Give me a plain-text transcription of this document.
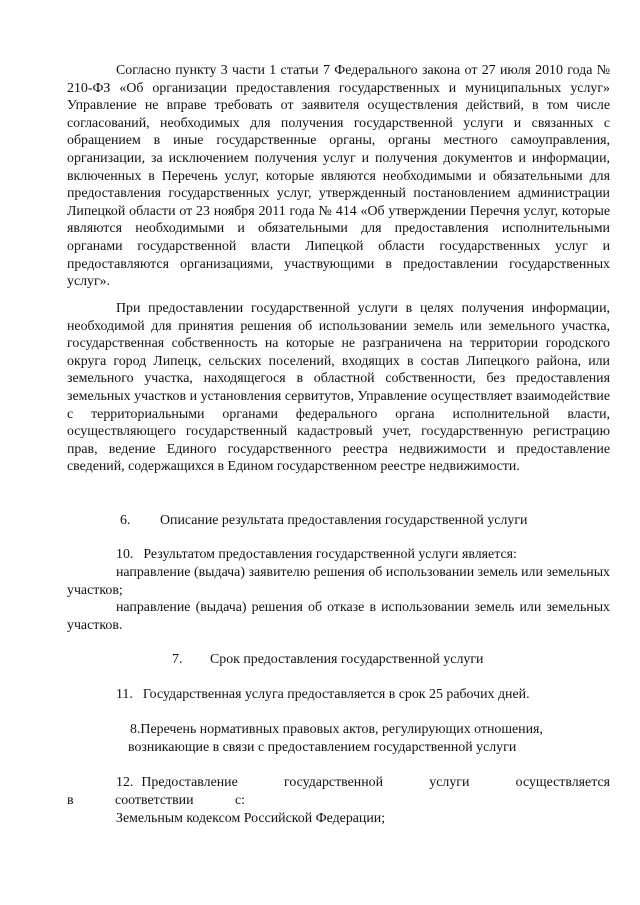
Согласно пункту 3 части 1 статьи 7 Федерального закона от 27 июля 2010 года № 210-ФЗ «Об организации предоставления государственных и муниципальных услуг» Управление не вправе требовать от заявителя осуществления действий, в том числе согласований, необходимых для получения государственной услуги и связанных с обращением в иные государственные органы, органы местного самоуправления, организации, за исключением получения услуг и получения документов и информации, включенных в Перечень услуг, которые являются необходимыми и обязательными для предоставления государственных услуг, утвержденный постановлением администрации Липецкой области от 23 ноября 2011 года № 414 «Об утверждении Перечня услуг, которые являются необходимыми и обязательными для предоставления исполнительными органами государственной власти Липецкой области государственных услуг и предоставляются организациями, участвующими в предоставлении государственных услуг».

При предоставлении государственной услуги в целях получения информации, необходимой для принятия решения об использовании земель или земельного участка, государственная собственность на которые не разграничена на территории городского округа город Липецк, сельских поселений, входящих в состав Липецкого района, или земельного участка, находящегося в областной собственности, без предоставления земельных участков и установления сервитутов, Управление осуществляет взаимодействие с территориальными органами федерального органа исполнительной власти, осуществляющего государственный кадастровый учет, государственную регистрацию прав, ведение Единого государственного реестра недвижимости и предоставление сведений, содержащихся в Едином государственном реестре недвижимости.

6. Описание результата предоставления государственной услуги

10. Результатом предоставления государственной услуги является:

направление (выдача) заявителю решения об использовании земель или земельных участков;

направление (выдача) решения об отказе в использовании земель или земельных участков.

7. Срок предоставления государственной услуги

11. Государственная услуга предоставляется в срок 25 рабочих дней.

8.Перечень нормативных правовых актов, регулирующих отношения,

возникающие в связи с предоставлением государственной услуги

12. Предоставление государственной услуги осуществляется в соответствии с:

Земельным кодексом Российской Федерации;
